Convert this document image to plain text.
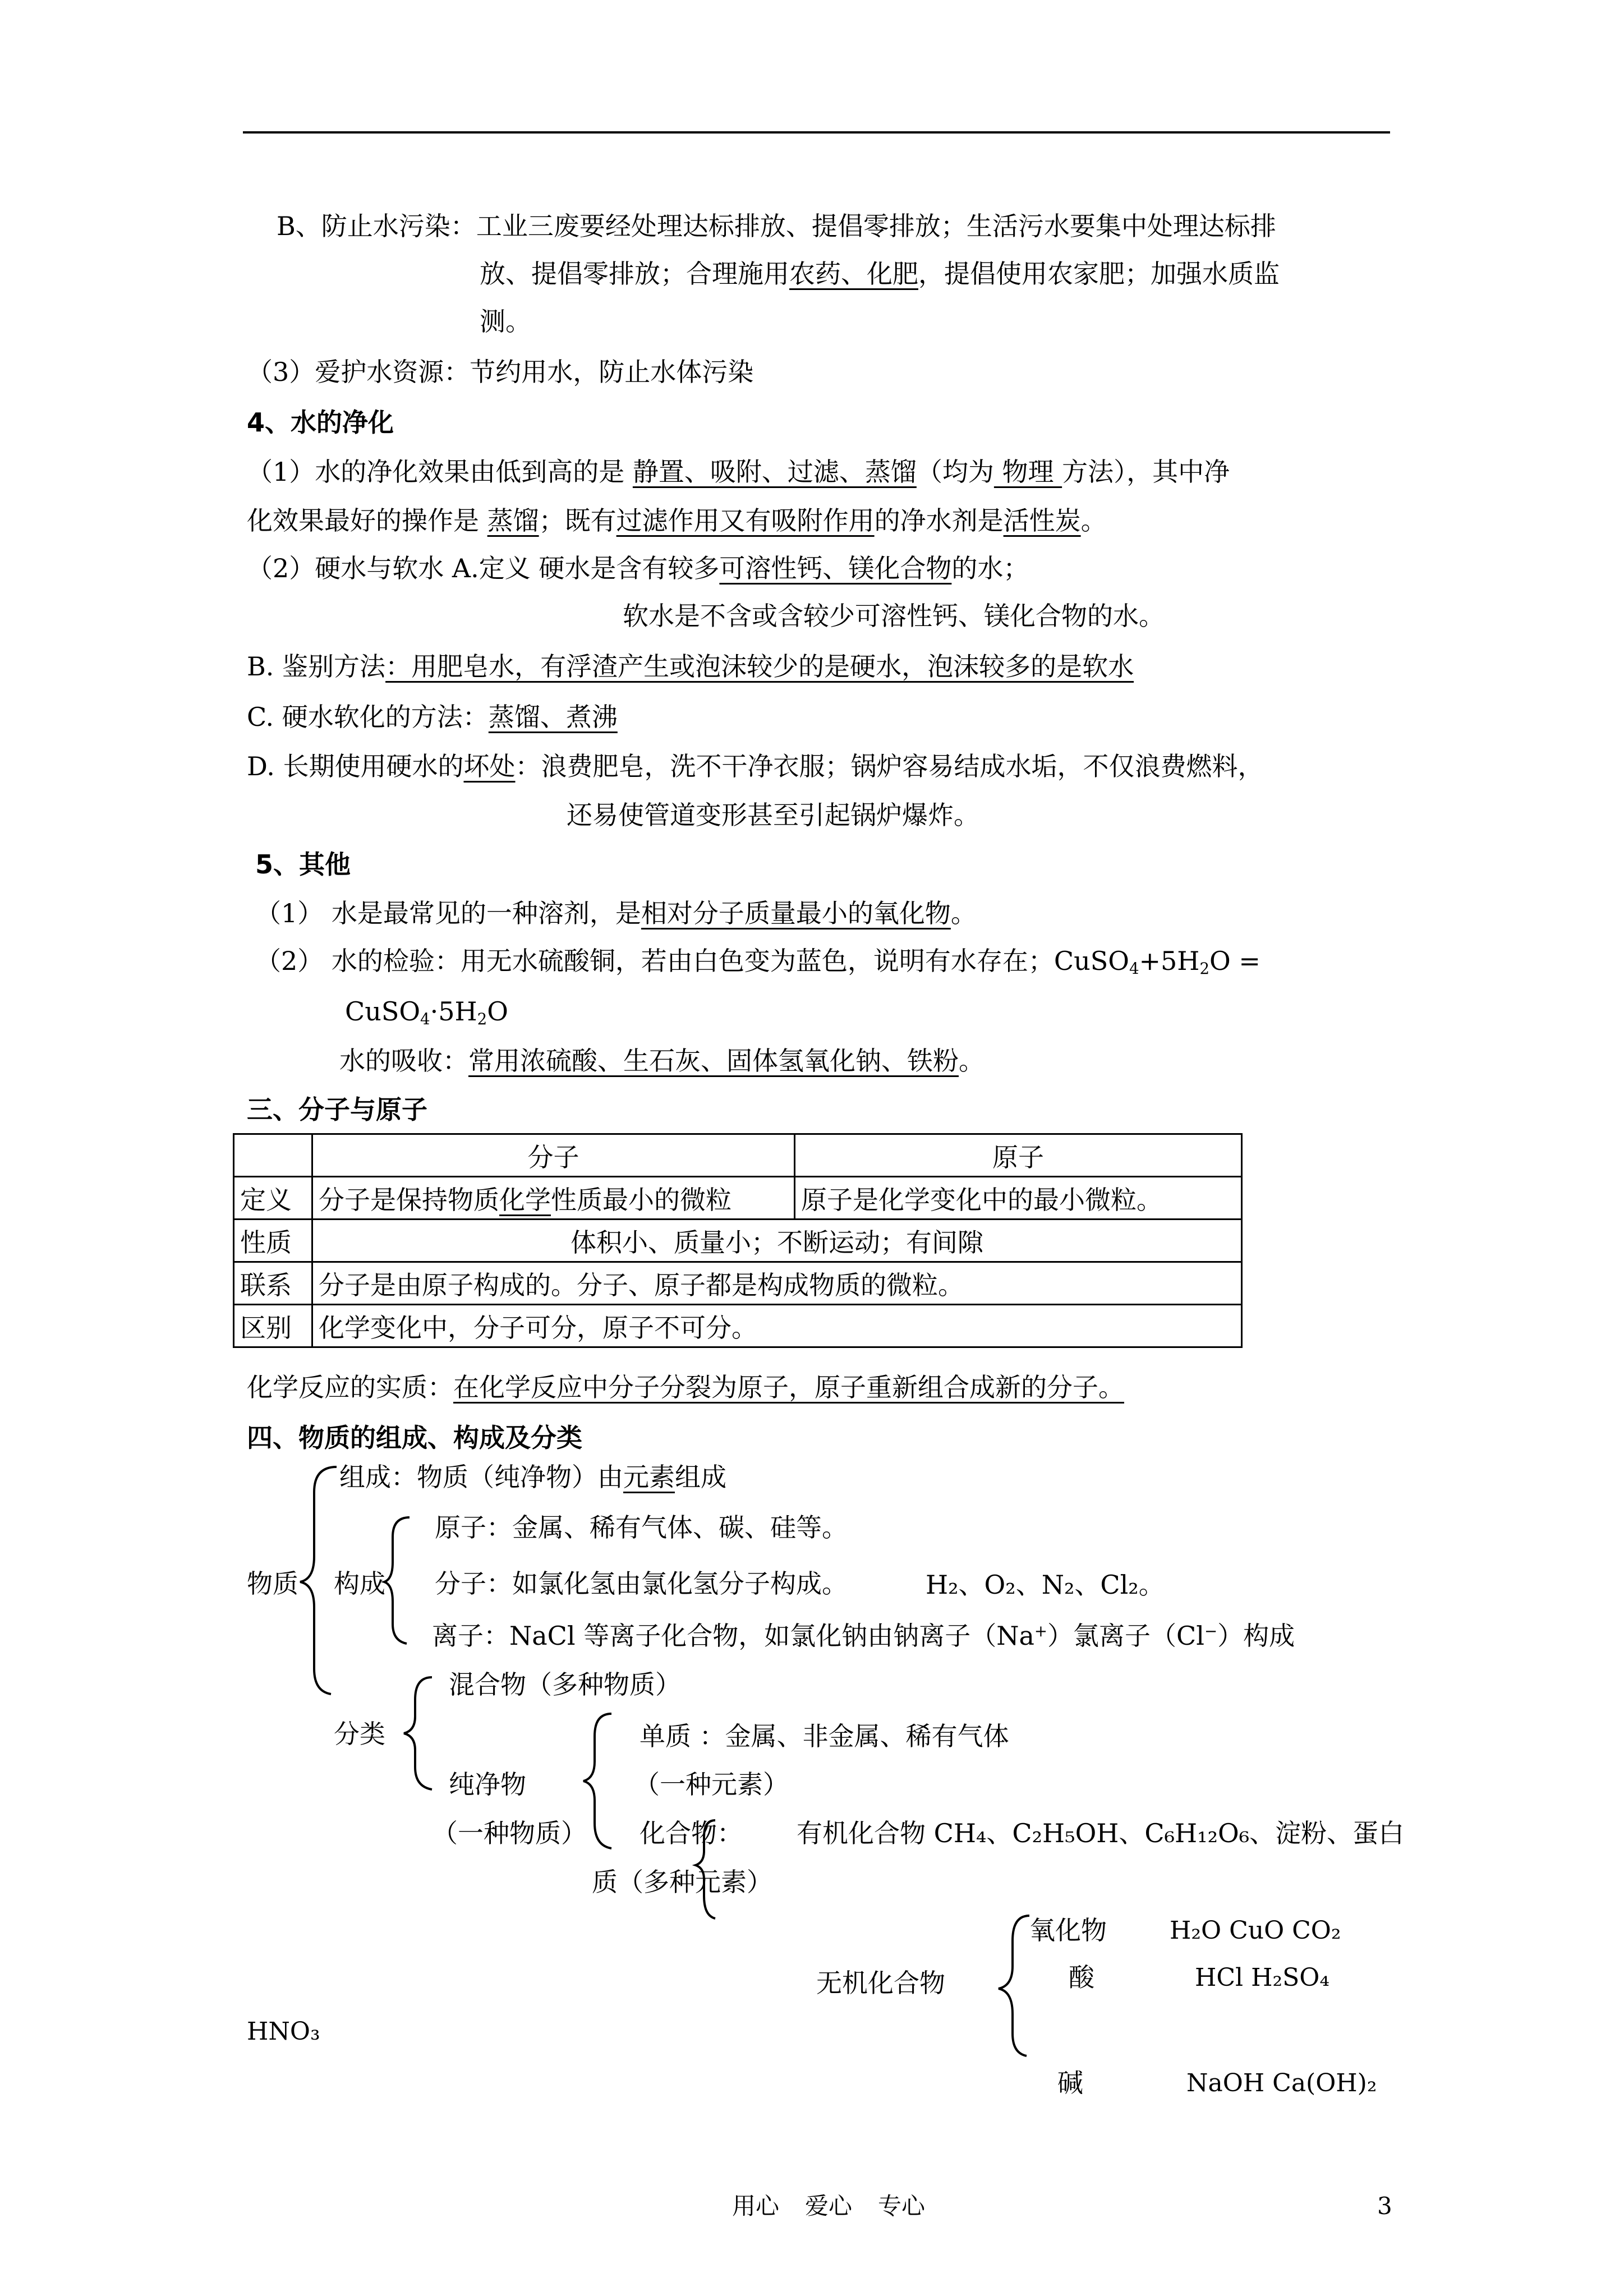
B、防止水污染：工业三废要经处理达标排放、提倡零排放；生活污水要集中处理达标排
放、提倡零排放；合理施用农药、化肥，提倡使用农家肥；加强水质监
测。
（3）爱护水资源：节约用水，防止水体污染
4、水的净化
（1）水的净化效果由低到高的是 静置、吸附、过滤、蒸馏（均为 物理 方法），其中净
化效果最好的操作是 蒸馏；既有过滤作用又有吸附作用的净水剂是活性炭。
（2）硬水与软水 A.定义 硬水是含有较多可溶性钙、镁化合物的水；
软水是不含或含较少可溶性钙、镁化合物的水。
B. 鉴别方法：用肥皂水，有浮渣产生或泡沫较少的是硬水，泡沫较多的是软水
C. 硬水软化的方法：蒸馏、煮沸
D. 长期使用硬水的坏处：浪费肥皂，洗不干净衣服；锅炉容易结成水垢，不仅浪费燃料，
还易使管道变形甚至引起锅炉爆炸。
5、其他
（1） 水是最常见的一种溶剂，是相对分子质量最小的氧化物。
（2） 水的检验：用无水硫酸铜，若由白色变为蓝色，说明有水存在；$CuSO_4+5H_2O$ =
$CuSO_4\cdot 5H_2O$
水的吸收：常用浓硫酸、生石灰、固体氢氧化钠、铁粉。
三、分子与原子
	分子	原子
定义	分子是保持物质化学性质最小的微粒	原子是化学变化中的最小微粒。
性质	体积小、质量小；不断运动；有间隙	
联系	分子是由原子构成的。分子、原子都是构成物质的微粒。	
区别	化学变化中，分子可分，原子不可分。	
化学反应的实质：在化学反应中分子分裂为原子，原子重新组合成新的分子。
四、物质的组成、构成及分类
物质
组成：物质（纯净物）由元素组成
构成
原子：金属、稀有气体、碳、硅等。
分子：如氯化氢由氯化氢分子构成。	H₂、O₂、N₂、Cl₂。
离子：NaCl 等离子化合物，如氯化钠由钠离子（Na+）氯离子（Cl−）构成
分类
混合物（多种物质）
纯净物
（一种物质）
单质 ：金属、非金属、稀有气体
（一种元素）
化合物： 有机化合物 CH₄、C₂H₅OH、C₆H₁₂O₆、淀粉、蛋白
质（多种元素）
无机化合物
氧化物	H₂O CuO CO₂
酸	HCl H₂SO₄
HNO₃
碱	NaOH Ca(OH)₂
用心 爱心 专心	3
